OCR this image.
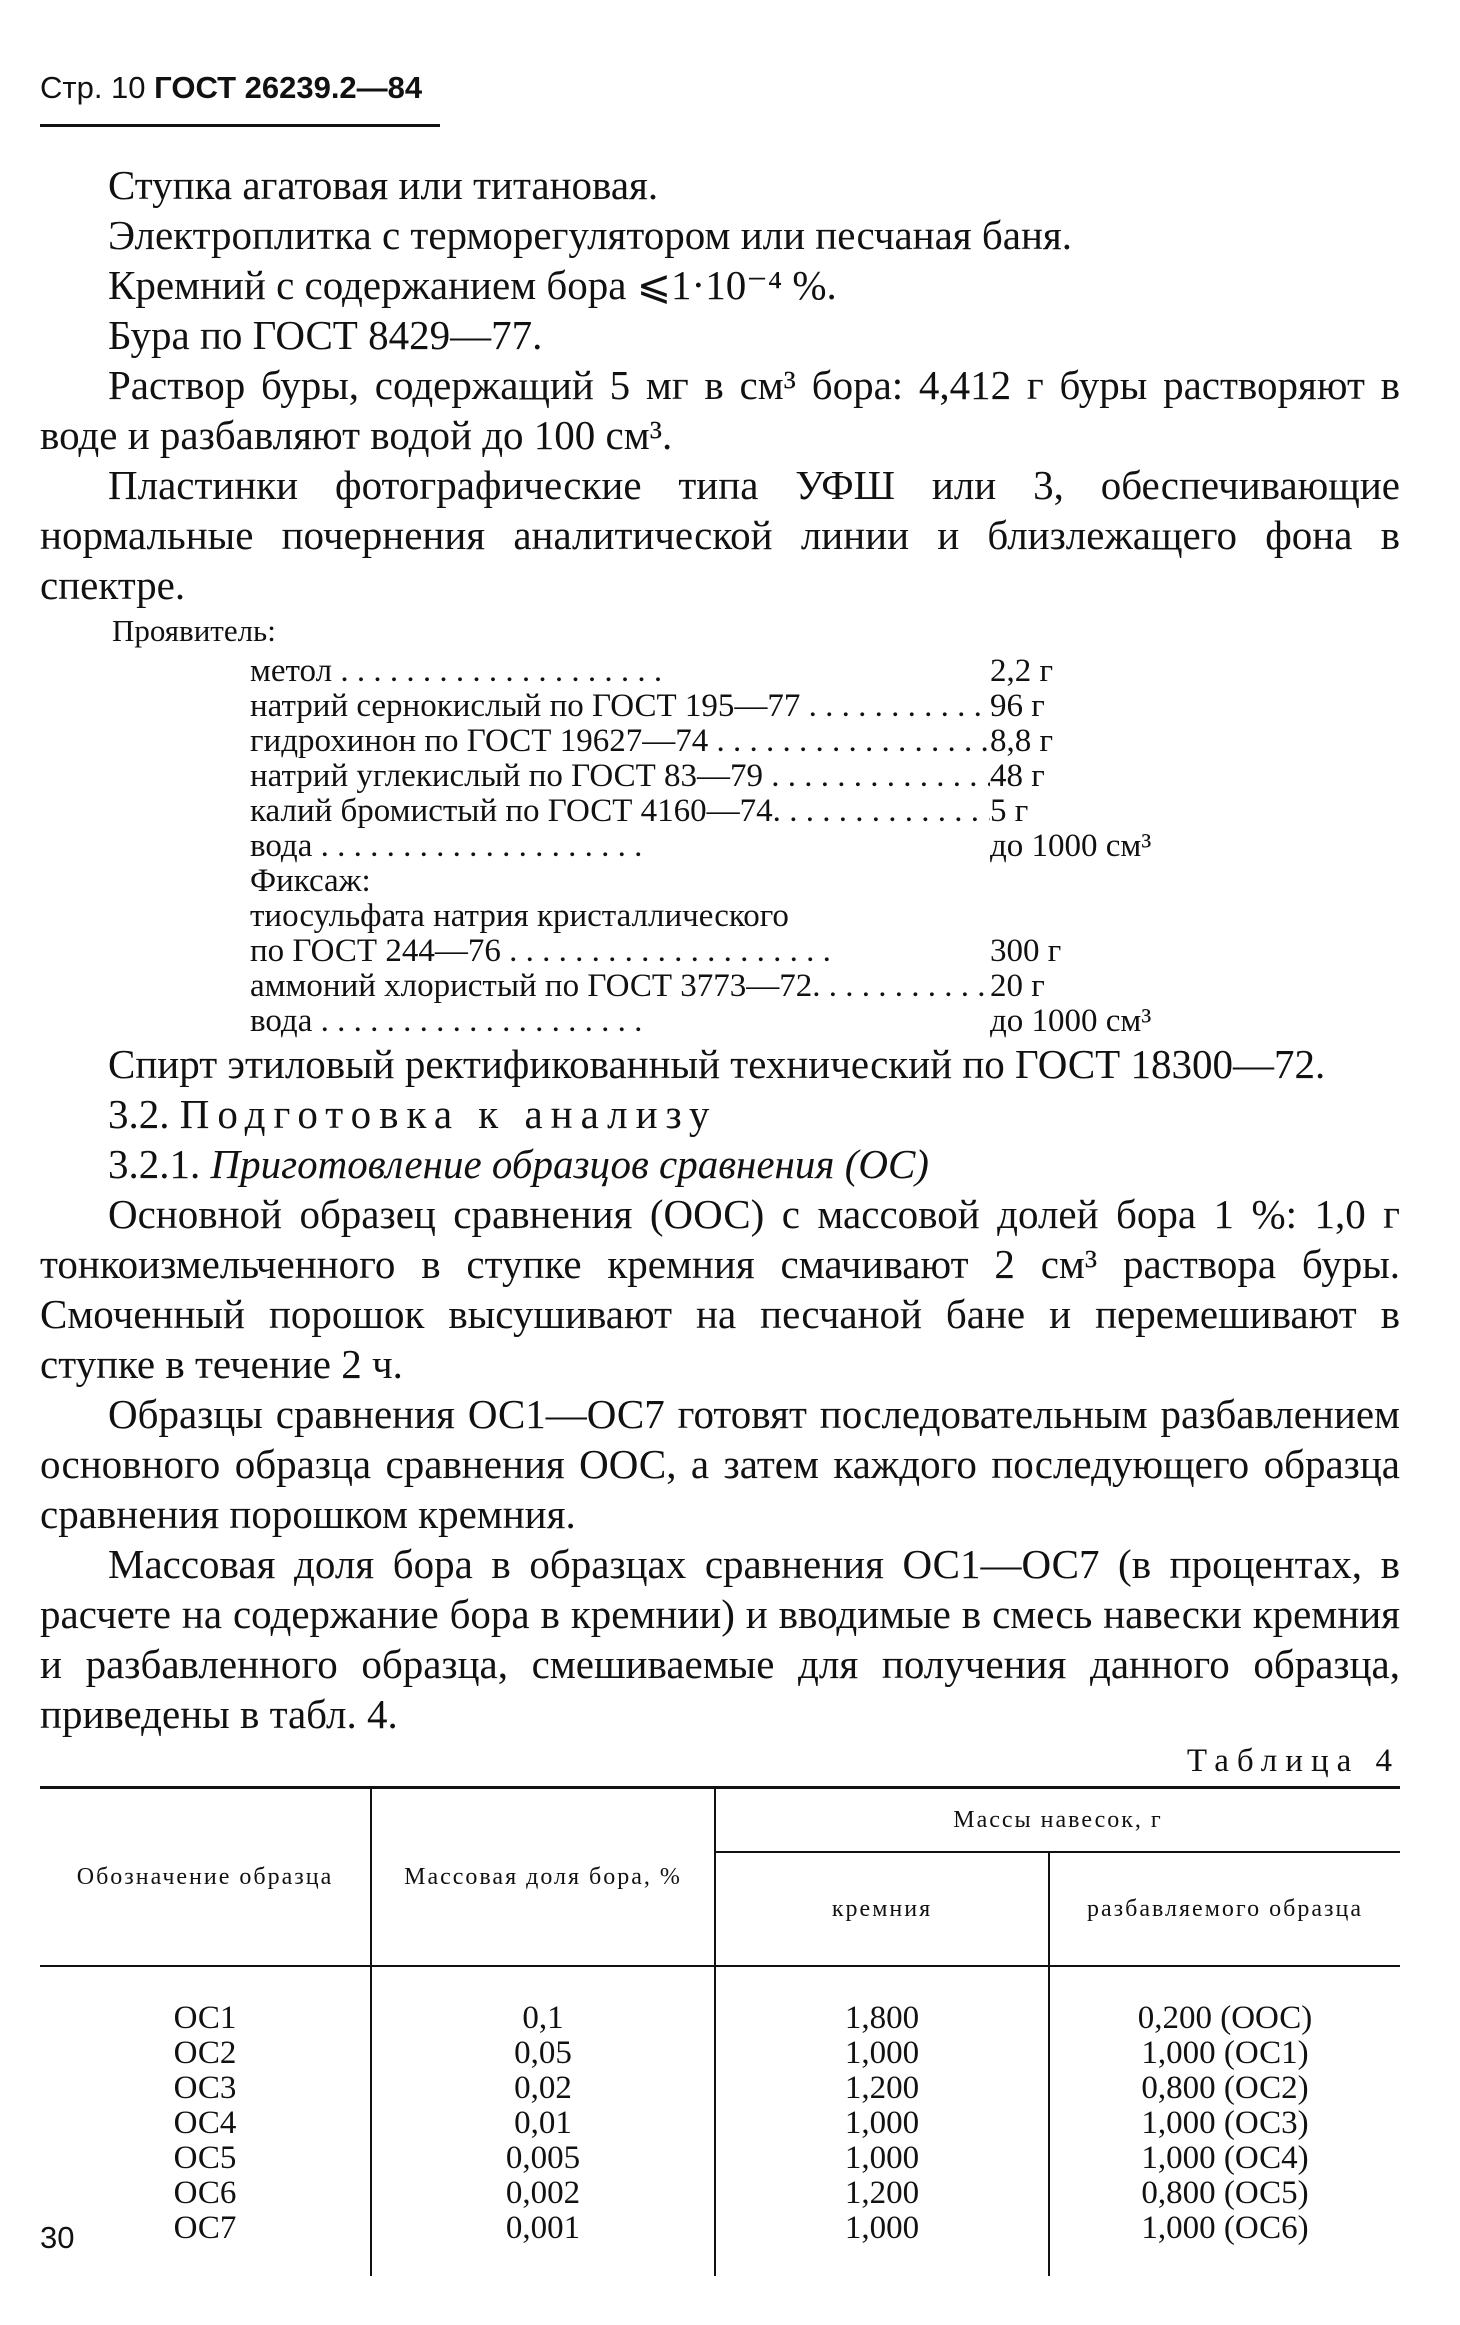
Стр. 10 ГОСТ 26239.2—84

Ступка агатовая или титановая.

Электроплитка с терморегулятором или песчаная баня.

Кремний с содержанием бора ⩽1·10⁻⁴ %.

Бура по ГОСТ 8429—77.

Раствор буры, содержащий 5 мг в см³ бора: 4,412 г буры растворяют в воде и разбавляют водой до 100 см³.

Пластинки фотографические типа УФШ или 3, обеспечивающие нормальные почернения аналитической линии и близлежащего фона в спектре.

Проявитель:
метол . .	2,2 г
натрий сернокислый по ГОСТ 195—77 . .	96 г
гидрохинон по ГОСТ 19627—74 . .	8,8 г
натрий углекислый по ГОСТ 83—79 . .	48 г
калий бромистый по ГОСТ 4160—74. . .	5 г
вода . .	до 1000 см³
Фиксаж:
тиосульфата натрия кристаллического
по ГОСТ 244—76 . .	300 г
аммоний хлористый по ГОСТ 3773—72. . .	20 г
вода . .	до 1000 см³

Спирт этиловый ректификованный технический по ГОСТ 18300—72.

3.2. Подготовка к анализу

3.2.1. Приготовление образцов сравнения (ОС)

Основной образец сравнения (ООС) с массовой долей бора 1 %: 1,0 г тонкоизмельченного в ступке кремния смачивают 2 см³ раствора буры. Смоченный порошок высушивают на песчаной бане и перемешивают в ступке в течение 2 ч.

Образцы сравнения ОС1—ОС7 готовят последовательным разбавлением основного образца сравнения ООС, а затем каждого последующего образца сравнения порошком кремния.

Массовая доля бора в образцах сравнения ОС1—ОС7 (в процентах, в расчете на содержание бора в кремнии) и вводимые в смесь навески кремния и разбавленного образца, смешиваемые для получения данного образца, приведены в табл. 4.

Таблица 4
Обозначение образца	Массовая доля бора, %	Массы навесок, г	
		кремния	разбавляемого образца

ОС1	0,1	1,800	0,200 (ООС)
ОС2	0,05	1,000	1,000 (ОС1)
ОС3	0,02	1,200	0,800 (ОС2)
ОС4	0,01	1,000	1,000 (ОС3)
ОС5	0,005	1,000	1,000 (ОС4)
ОС6	0,002	1,200	0,800 (ОС5)
ОС7	0,001	1,000	1,000 (ОС6)
30
